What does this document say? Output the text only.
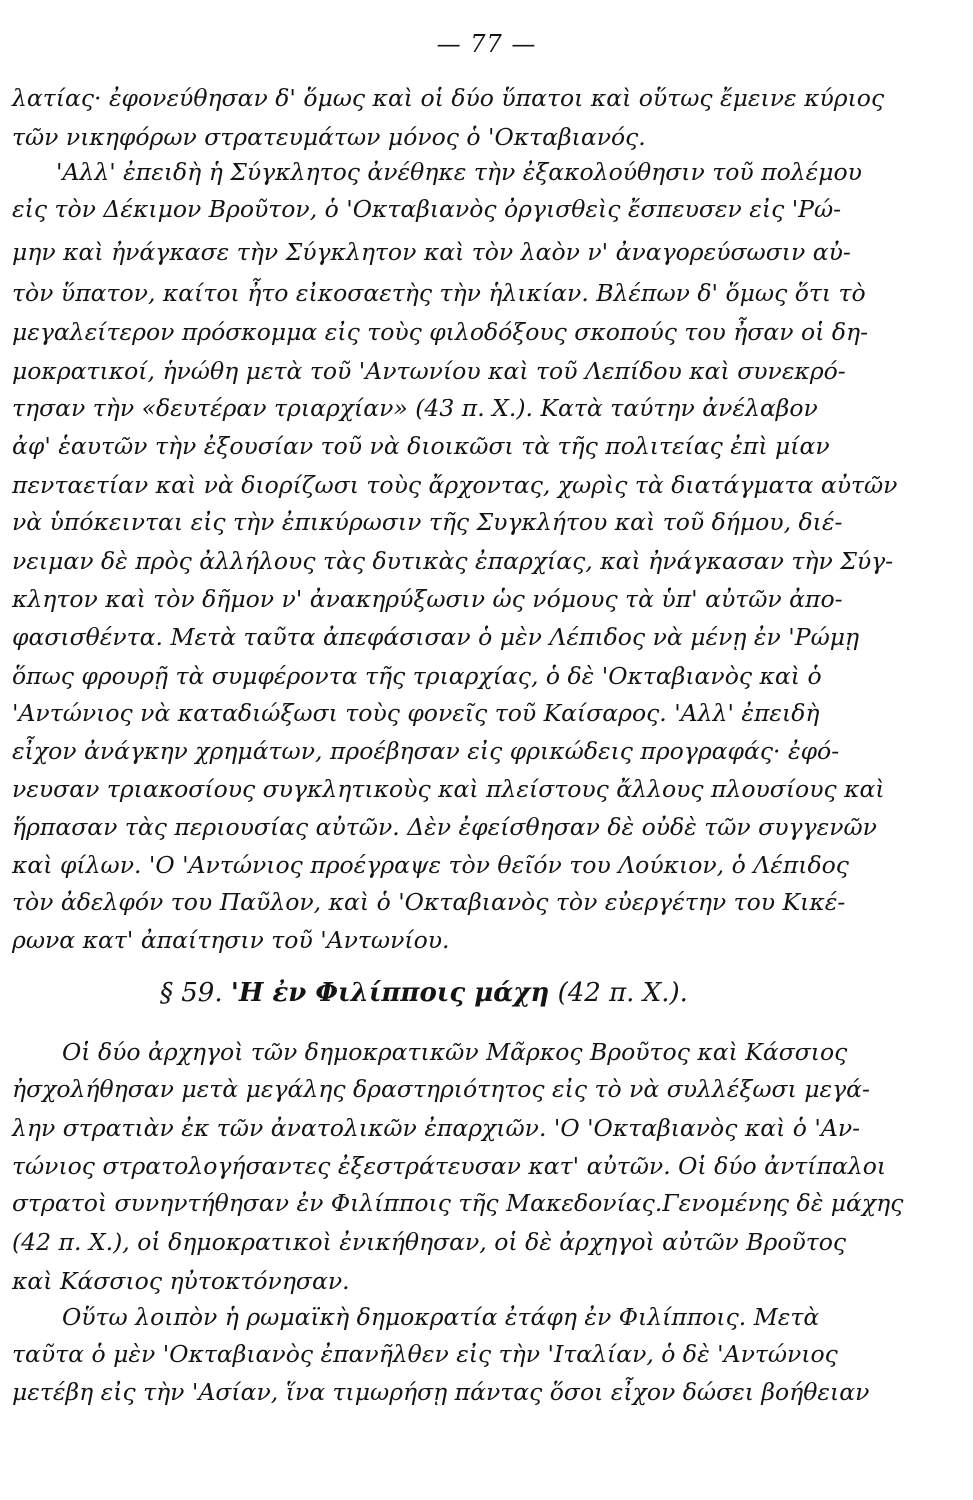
— 77 —
λατίας· ἐφονεύθησαν δ' ὅμως καὶ οἱ δύο ὕπατοι καὶ οὕτως ἔμεινε κύριος
τῶν νικηφόρων στρατευμάτων μόνος ὁ 'Οκταβιανός.
'Αλλ' ἐπειδὴ ἡ Σύγκλητος ἀνέθηκε τὴν ἐξακολούθησιν τοῦ πολέμου
εἰς τὸν Δέκιμον Βροῦτον, ὁ 'Οκταβιανὸς ὀργισθεὶς ἔσπευσεν εἰς 'Ρώ-
μην καὶ ἠνάγκασε τὴν Σύγκλητον καὶ τὸν λαὸν ν' ἀναγορεύσωσιν αὐ-
τὸν ὕπατον, καίτοι ἦτο εἰκοσαετὴς τὴν ἡλικίαν. Βλέπων δ' ὅμως ὅτι τὸ
μεγαλείτερον πρόσκομμα εἰς τοὺς φιλοδόξους σκοπούς του ἦσαν οἱ δη-
μοκρατικοί, ἡνώθη μετὰ τοῦ 'Αντωνίου καὶ τοῦ Λεπίδου καὶ συνεκρό-
τησαν τὴν «δευτέραν τριαρχίαν» (43 π. Χ.). Κατὰ ταύτην ἀνέλαβον
ἀφ' ἑαυτῶν τὴν ἐξουσίαν τοῦ νὰ διοικῶσι τὰ τῆς πολιτείας ἐπὶ μίαν
πενταετίαν καὶ νὰ διορίζωσι τοὺς ἄρχοντας, χωρὶς τὰ διατάγματα αὐτῶν
νὰ ὑπόκεινται εἰς τὴν ἐπικύρωσιν τῆς Συγκλήτου καὶ τοῦ δήμου, διέ-
νειμαν δὲ πρὸς ἀλλήλους τὰς δυτικὰς ἐπαρχίας, καὶ ἠνάγκασαν τὴν Σύγ-
κλητον καὶ τὸν δῆμον ν' ἀνακηρύξωσιν ὡς νόμους τὰ ὑπ' αὐτῶν ἀπο-
φασισθέντα. Μετὰ ταῦτα ἀπεφάσισαν ὁ μὲν Λέπιδος νὰ μένῃ ἐν 'Ρώμῃ
ὅπως φρουρῇ τὰ συμφέροντα τῆς τριαρχίας, ὁ δὲ 'Οκταβιανὸς καὶ ὁ
'Αντώνιος νὰ καταδιώξωσι τοὺς φονεῖς τοῦ Καίσαρος. 'Αλλ' ἐπειδὴ
εἶχον ἀνάγκην χρημάτων, προέβησαν εἰς φρικώδεις προγραφάς· ἐφό-
νευσαν τριακοσίους συγκλητικοὺς καὶ πλείστους ἄλλους πλουσίους καὶ
ἥρπασαν τὰς περιουσίας αὐτῶν. Δὲν ἐφείσθησαν δὲ οὐδὲ τῶν συγγενῶν
καὶ φίλων. 'Ο 'Αντώνιος προέγραψε τὸν θεῖόν του Λούκιον, ὁ Λέπιδος
τὸν ἀδελφόν του Παῦλον, καὶ ὁ 'Οκταβιανὸς τὸν εὐεργέτην του Κικέ-
ρωνα κατ' ἀπαίτησιν τοῦ 'Αντωνίου.
§ 59. 'Η ἐν Φιλίπποις μάχη (42 π. Χ.).
Οἱ δύο ἀρχηγοὶ τῶν δημοκρατικῶν Μᾶρκος Βροῦτος καὶ Κάσσιος
ἠσχολήθησαν μετὰ μεγάλης δραστηριότητος εἰς τὸ νὰ συλλέξωσι μεγά-
λην στρατιὰν ἐκ τῶν ἀνατολικῶν ἐπαρχιῶν. 'Ο 'Οκταβιανὸς καὶ ὁ 'Αν-
τώνιος στρατολογήσαντες ἐξεστράτευσαν κατ' αὐτῶν. Οἱ δύο ἀντίπαλοι
στρατοὶ συνηντήθησαν ἐν Φιλίπποις τῆς Μακεδονίας.Γενομένης δὲ μάχης
(42 π. Χ.), οἱ δημοκρατικοὶ ἐνικήθησαν, οἱ δὲ ἀρχηγοὶ αὐτῶν Βροῦτος
καὶ Κάσσιος ηὐτοκτόνησαν.
Οὕτω λοιπὸν ἡ ρωμαϊκὴ δημοκρατία ἐτάφη ἐν Φιλίπποις. Μετὰ
ταῦτα ὁ μὲν 'Οκταβιανὸς ἐπανῆλθεν εἰς τὴν 'Ιταλίαν, ὁ δὲ 'Αντώνιος
μετέβη εἰς τὴν 'Ασίαν, ἵνα τιμωρήσῃ πάντας ὅσοι εἶχον δώσει βοήθειαν
